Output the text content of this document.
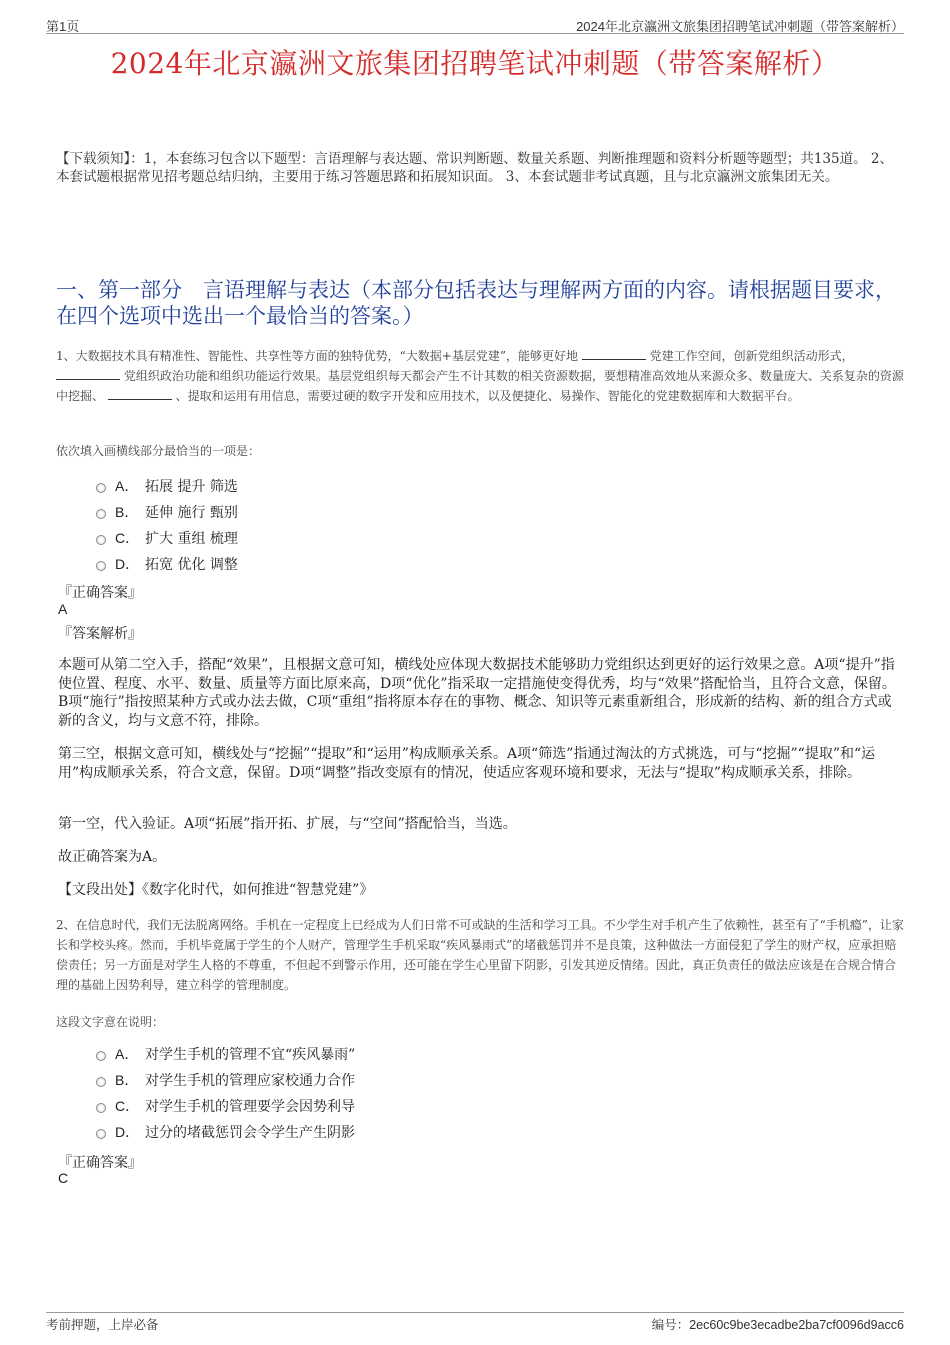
第1页	2024年北京瀛洲文旅集团招聘笔试冲刺题（带答案解析）
2024年北京瀛洲文旅集团招聘笔试冲刺题（带答案解析）
【下载须知】：1，本套练习包含以下题型：言语理解与表达题、常识判断题、数量关系题、判断推理题和资料分析题等题型；共135道。 2、本套试题根据常见招考题总结归纳，主要用于练习答题思路和拓展知识面。 3、本套试题非考试真题，且与北京瀛洲文旅集团无关。
一、第一部分　言语理解与表达（本部分包括表达与理解两方面的内容。请根据题目要求，在四个选项中选出一个最恰当的答案。）
1、大数据技术具有精准性、智能性、共享性等方面的独特优势，“大数据+基层党建”，能够更好地	党建工作空间，创新党组织活动形式，  党组织政治功能和组织功能运行效果。基层党组织每天都会产生不计其数的相关资源数据，要想精准高效地从来源众多、数量庞大、关系复杂的资源中挖掘、	、提取和运用有用信息，需要过硬的数字开发和应用技术，以及便捷化、易操作、智能化的党建数据库和大数据平台。
依次填入画横线部分最恰当的一项是：
A． 拓展 提升 筛选
B． 延伸 施行 甄别
C． 扩大 重组 梳理
D． 拓宽 优化 调整
『正确答案』
A
『答案解析』
本题可从第二空入手，搭配“效果”，且根据文意可知，横线处应体现大数据技术能够助力党组织达到更好的运行效果之意。A项“提升”指使位置、程度、水平、数量、质量等方面比原来高，D项“优化”指采取一定措施使变得优秀，均与“效果”搭配恰当，且符合文意，保留。B项“施行”指按照某种方式或办法去做，C项“重组”指将原本存在的事物、概念、知识等元素重新组合，形成新的结构、新的组合方式或新的含义，均与文意不符，排除。
第三空，根据文意可知，横线处与“挖掘”“提取”和“运用”构成顺承关系。A项“筛选”指通过淘汰的方式挑选，可与“挖掘”“提取”和“运用”构成顺承关系，符合文意，保留。D项“调整”指改变原有的情况，使适应客观环境和要求，无法与“提取”构成顺承关系，排除。
第一空，代入验证。A项“拓展”指开拓、扩展，与“空间”搭配恰当，当选。
故正确答案为A。
【文段出处】《数字化时代，如何推进“智慧党建”》
2、在信息时代，我们无法脱离网络。手机在一定程度上已经成为人们日常不可或缺的生活和学习工具。不少学生对手机产生了依赖性，甚至有了“手机瘾”，让家长和学校头疼。然而，手机毕竟属于学生的个人财产，管理学生手机采取“疾风暴雨式”的堵截惩罚并不是良策，这种做法一方面侵犯了学生的财产权，应承担赔偿责任；另一方面是对学生人格的不尊重，不但起不到警示作用，还可能在学生心里留下阴影，引发其逆反情绪。因此，真正负责任的做法应该是在合规合情合理的基础上因势利导，建立科学的管理制度。
这段文字意在说明：
A． 对学生手机的管理不宜“疾风暴雨”
B． 对学生手机的管理应家校通力合作
C． 对学生手机的管理要学会因势利导
D． 过分的堵截惩罚会令学生产生阴影
『正确答案』
C
考前押题，上岸必备	编号：2ec60c9be3ecadbe2ba7cf0096d9acc6
